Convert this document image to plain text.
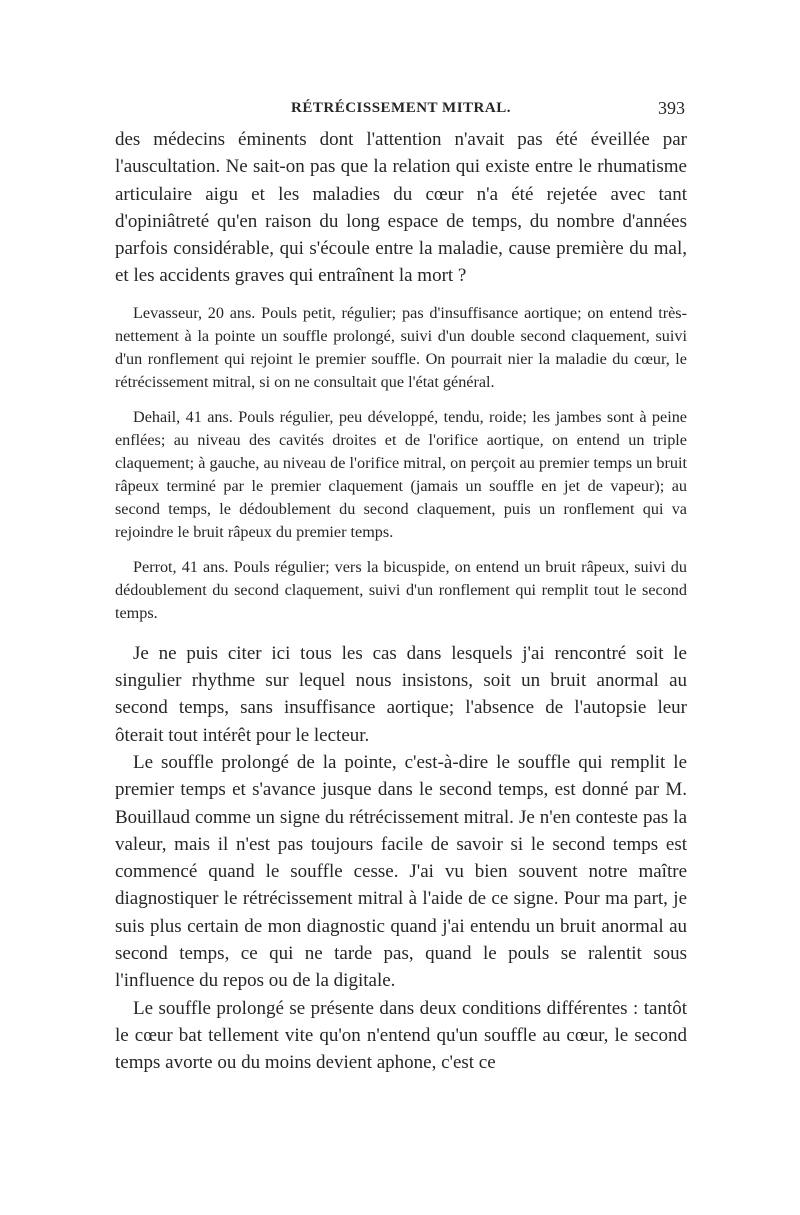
RÉTRÉCISSEMENT MITRAL.	393

des médecins éminents dont l'attention n'avait pas été éveillée par l'auscultation. Ne sait-on pas que la relation qui existe entre le rhumatisme articulaire aigu et les maladies du cœur n'a été rejetée avec tant d'opiniâtreté qu'en raison du long espace de temps, du nombre d'années parfois considérable, qui s'écoule entre la maladie, cause première du mal, et les accidents graves qui entraînent la mort ?

Levasseur, 20 ans. Pouls petit, régulier; pas d'insuffisance aortique; on entend très-nettement à la pointe un souffle prolongé, suivi d'un double second claquement, suivi d'un ronflement qui rejoint le premier souffle. On pourrait nier la maladie du cœur, le rétrécissement mitral, si on ne consultait que l'état général.

Dehail, 41 ans. Pouls régulier, peu développé, tendu, roide; les jambes sont à peine enflées; au niveau des cavités droites et de l'orifice aortique, on entend un triple claquement; à gauche, au niveau de l'orifice mitral, on perçoit au premier temps un bruit râpeux terminé par le premier claquement (jamais un souffle en jet de vapeur); au second temps, le dédoublement du second claquement, puis un ronflement qui va rejoindre le bruit râpeux du premier temps.

Perrot, 41 ans. Pouls régulier; vers la bicuspide, on entend un bruit râpeux, suivi du dédoublement du second claquement, suivi d'un ronflement qui remplit tout le second temps.

Je ne puis citer ici tous les cas dans lesquels j'ai rencontré soit le singulier rhythme sur lequel nous insistons, soit un bruit anormal au second temps, sans insuffisance aortique; l'absence de l'autopsie leur ôterait tout intérêt pour le lecteur.

Le souffle prolongé de la pointe, c'est-à-dire le souffle qui remplit le premier temps et s'avance jusque dans le second temps, est donné par M. Bouillaud comme un signe du rétrécissement mitral. Je n'en conteste pas la valeur, mais il n'est pas toujours facile de savoir si le second temps est commencé quand le souffle cesse. J'ai vu bien souvent notre maître diagnostiquer le rétrécissement mitral à l'aide de ce signe. Pour ma part, je suis plus certain de mon diagnostic quand j'ai entendu un bruit anormal au second temps, ce qui ne tarde pas, quand le pouls se ralentit sous l'influence du repos ou de la digitale.

Le souffle prolongé se présente dans deux conditions différentes : tantôt le cœur bat tellement vite qu'on n'entend qu'un souffle au cœur, le second temps avorte ou du moins devient aphone, c'est ce
